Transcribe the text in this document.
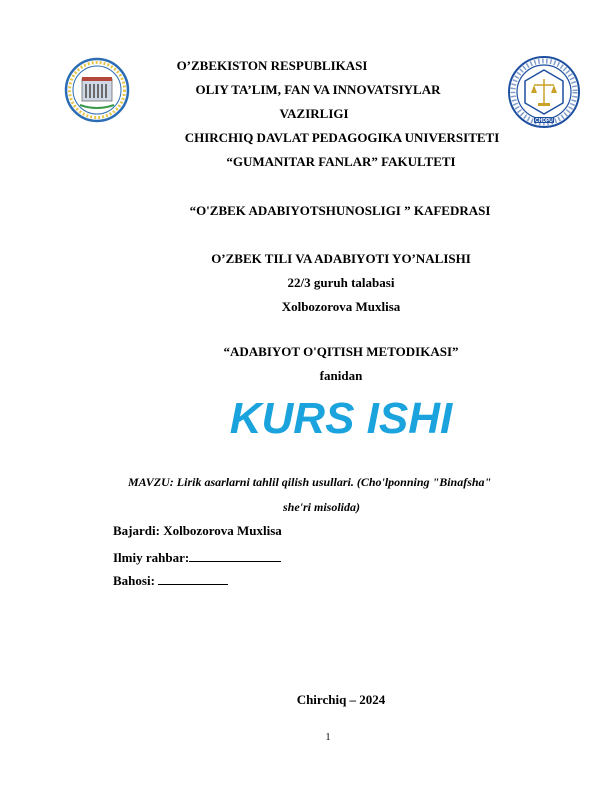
CHDPU
O’ZBEKISTON RESPUBLIKASI
OLIY TA’LIM, FAN VA INNOVATSIYLAR
VAZIRLIGI
CHIRCHIQ DAVLAT PEDAGOGIKA UNIVERSITETI
“GUMANITAR FANLAR” FAKULTETI
“O'ZBEK ADABIYOTSHUNOSLIGI ” KAFEDRASI
O’ZBEK TILI VA ADABIYOTI YO’NALISHI
22/3 guruh talabasi
Xolbozorova Muxlisa
“ADABIYOT O'QITISH METODIKASI”
fanidan
KURS ISHI
MAVZU: Lirik asarlarni tahlil qilish usullari. (Cho'lponning "Binafsha"
she'ri misolida)
Bajardi: Xolbozorova Muxlisa
Ilmiy rahbar:
Bahosi:
Chirchiq – 2024
1
